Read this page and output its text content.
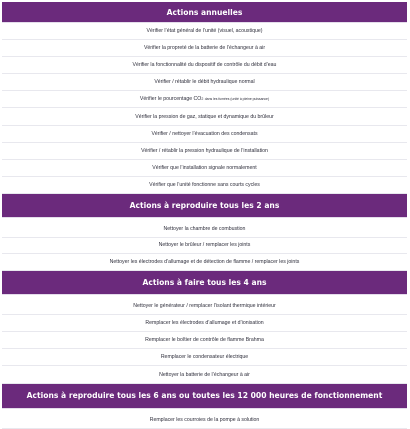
Actions annuelles
Vérifier l’état général de l’unité (visuel, acoustique)
Vérifier la propreté de la batterie de l’échangeur à air
Vérifier la fonctionnalité du dispositif de contrôle du débit d’eau
Vérifier / rétablir le débit hydraulique normal
Vérifier le pourcentage CO 2
dans les fumées (unité à pleine puissance)
Vérifier la pression de gaz, statique et dynamique du brûleur
Vérifier / nettoyer l’évacuation des condensats
Vérifier / rétablir la pression hydraulique de l’installation
Vérifier que l’installation signale normalement
Vérifier que l’unité fonctionne sans courts cycles
Actions à reproduire tous les 2 ans
Nettoyer la chambre de combustion
Nettoyer le brûleur / remplacer les joints
Nettoyer les électrodes d’allumage et de détection de flamme / remplacer les joints
Actions à faire tous les 4 ans
Nettoyer le générateur / remplacer l’isolant thermique intérieur
Remplacer les électrodes d’allumage et d’ionisation
Remplacer le boîtier de contrôle de flamme Brahma
Remplacer le condensateur électrique
Nettoyer la batterie de l’échangeur à air
Actions à reproduire tous les 6 ans ou toutes les 12 000 heures de fonctionnement
Remplacer les courroies de la pompe à solution
